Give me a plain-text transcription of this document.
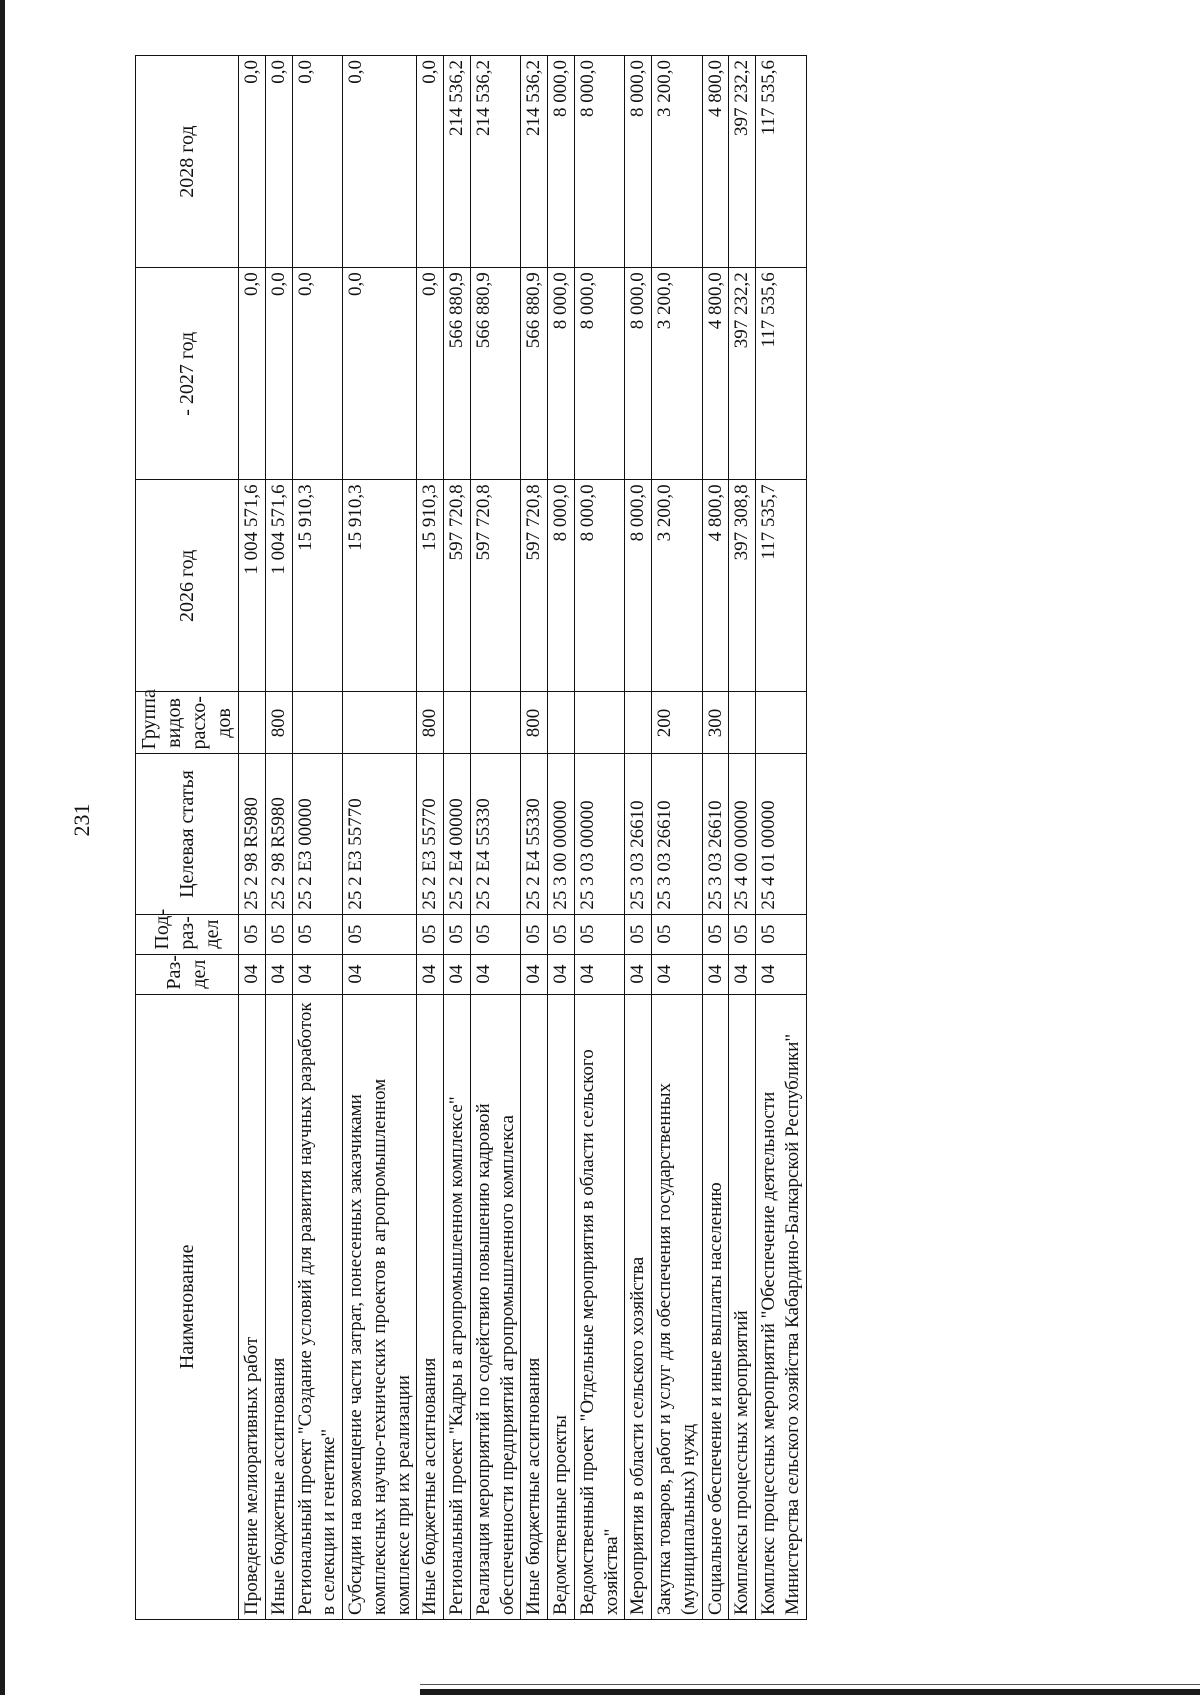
231
Наименование	Раз- дел	Под- раз- дел	Целевая статья	Группа видов расхо- дов	2026 год	- 2027 год	2028 год
Проведение мелиоративных работ	04	05	25 2 98 R5980		1 004 571,6	0,0	0,0
Иные бюджетные ассигнования	04	05	25 2 98 R5980	800	1 004 571,6	0,0	0,0
Региональный проект "Создание условий для развития научных разработок в селекции и генетике"	04	05	25 2 E3 00000		15 910,3	0,0	0,0
Субсидии на возмещение части затрат, понесенных заказчиками комплексных научно-технических проектов в агропромышленном комплексе при их реализации	04	05	25 2 E3 55770		15 910,3	0,0	0,0
Иные бюджетные ассигнования	04	05	25 2 E3 55770	800	15 910,3	0,0	0,0
Региональный проект "Кадры в агропромышленном комплексе"	04	05	25 2 E4 00000		597 720,8	566 880,9	214 536,2
Реализация мероприятий по содействию повышению кадровой обеспеченности предприятий агропромышленного комплекса	04	05	25 2 E4 55330		597 720,8	566 880,9	214 536,2
Иные бюджетные ассигнования	04	05	25 2 E4 55330	800	597 720,8	566 880,9	214 536,2
Ведомственные проекты	04	05	25 3 00 00000		8 000,0	8 000,0	8 000,0
Ведомственный проект "Отдельные мероприятия в области сельского хозяйства"	04	05	25 3 03 00000		8 000,0	8 000,0	8 000,0
Мероприятия в области сельского хозяйства	04	05	25 3 03 26610		8 000,0	8 000,0	8 000,0
Закупка товаров, работ и услуг для обеспечения государственных (муниципальных) нужд	04	05	25 3 03 26610	200	3 200,0	3 200,0	3 200,0
Социальное обеспечение и иные выплаты населению	04	05	25 3 03 26610	300	4 800,0	4 800,0	4 800,0
Комплексы процессных мероприятий	04	05	25 4 00 00000		397 308,8	397 232,2	397 232,2
Комплекс процессных мероприятий "Обеспечение деятельности Министерства сельского хозяйства Кабардино-Балкарской Республики"	04	05	25 4 01 00000		117 535,7	117 535,6	117 535,6
